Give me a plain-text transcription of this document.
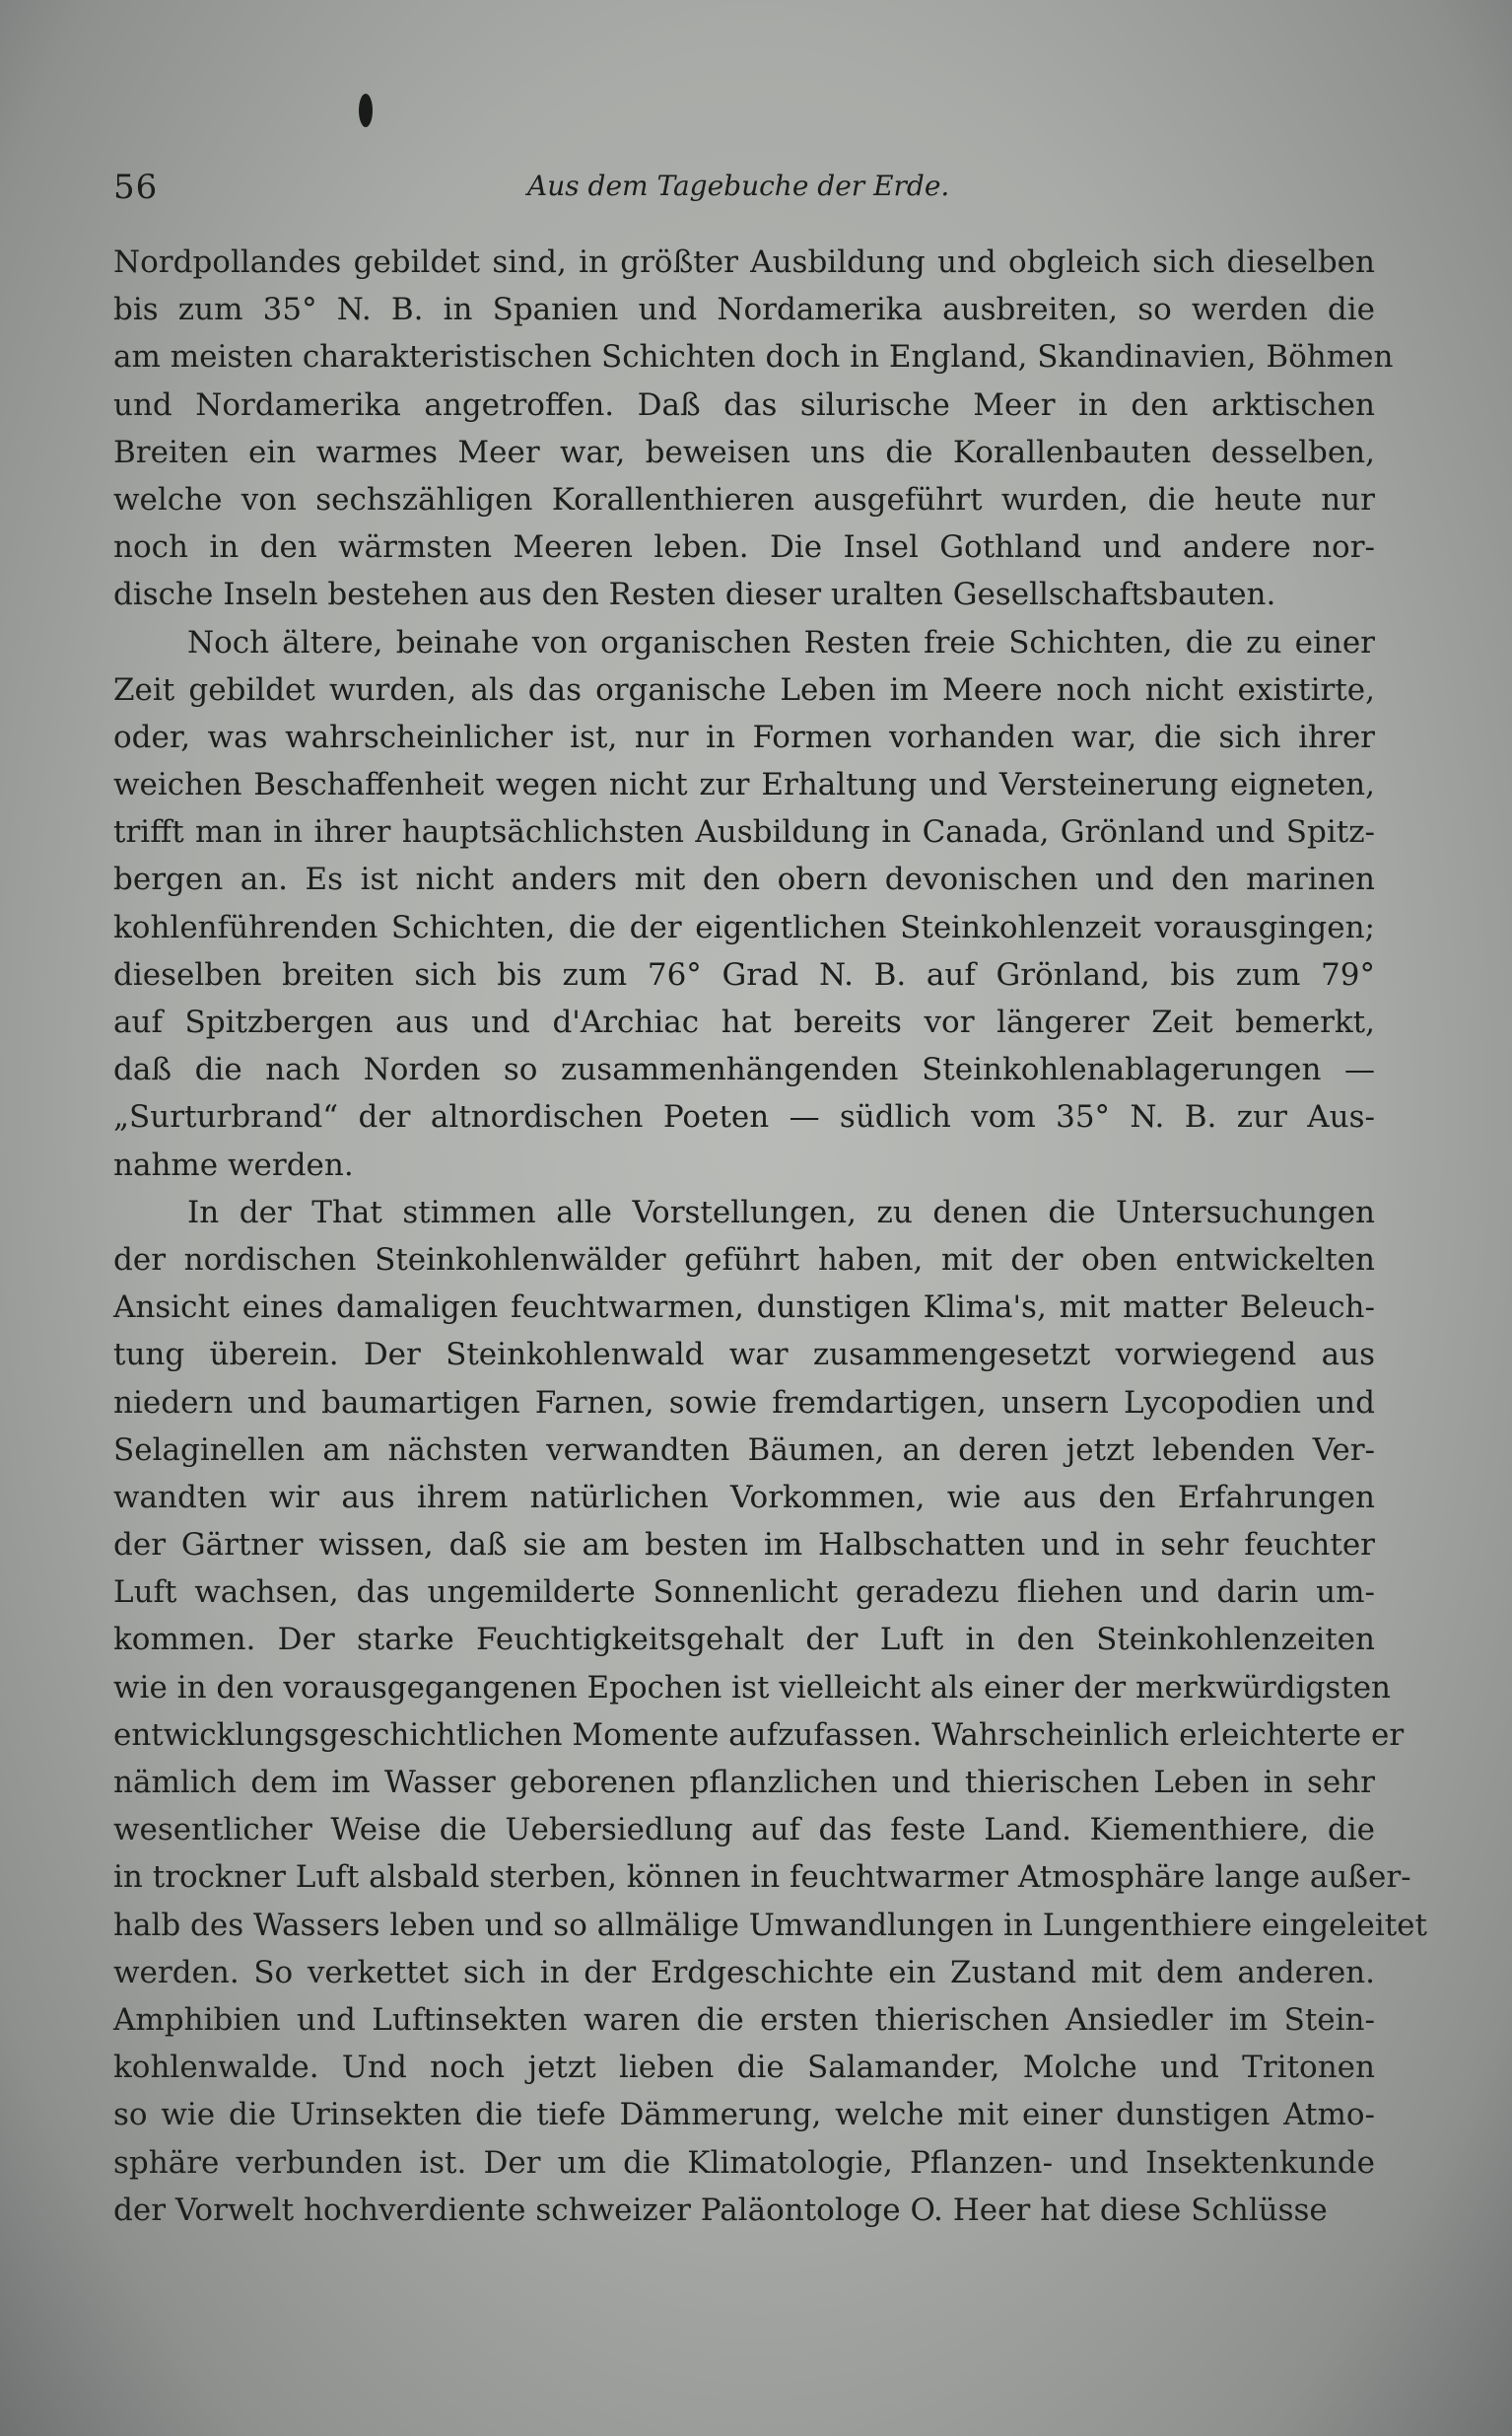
56	Aus dem Tagebuche der Erde.
Nordpollandes gebildet sind, in größter Ausbildung und obgleich sich dieselben
bis zum 35° N. B. in Spanien und Nordamerika ausbreiten, so werden die
am meisten charakteristischen Schichten doch in England, Skandinavien, Böhmen
und Nordamerika angetroffen. Daß das silurische Meer in den arktischen
Breiten ein warmes Meer war, beweisen uns die Korallenbauten desselben,
welche von sechszähligen Korallenthieren ausgeführt wurden, die heute nur
noch in den wärmsten Meeren leben. Die Insel Gothland und andere nor-
dische Inseln bestehen aus den Resten dieser uralten Gesellschaftsbauten.
Noch ältere, beinahe von organischen Resten freie Schichten, die zu einer
Zeit gebildet wurden, als das organische Leben im Meere noch nicht existirte,
oder, was wahrscheinlicher ist, nur in Formen vorhanden war, die sich ihrer
weichen Beschaffenheit wegen nicht zur Erhaltung und Versteinerung eigneten,
trifft man in ihrer hauptsächlichsten Ausbildung in Canada, Grönland und Spitz-
bergen an. Es ist nicht anders mit den obern devonischen und den marinen
kohlenführenden Schichten, die der eigentlichen Steinkohlenzeit vorausgingen;
dieselben breiten sich bis zum 76° Grad N. B. auf Grönland, bis zum 79°
auf Spitzbergen aus und d'Archiac hat bereits vor längerer Zeit bemerkt,
daß die nach Norden so zusammenhängenden Steinkohlenablagerungen —
„Surturbrand“ der altnordischen Poeten — südlich vom 35° N. B. zur Aus-
nahme werden.
In der That stimmen alle Vorstellungen, zu denen die Untersuchungen
der nordischen Steinkohlenwälder geführt haben, mit der oben entwickelten
Ansicht eines damaligen feuchtwarmen, dunstigen Klima's, mit matter Beleuch-
tung überein. Der Steinkohlenwald war zusammengesetzt vorwiegend aus
niedern und baumartigen Farnen, sowie fremdartigen, unsern Lycopodien und
Selaginellen am nächsten verwandten Bäumen, an deren jetzt lebenden Ver-
wandten wir aus ihrem natürlichen Vorkommen, wie aus den Erfahrungen
der Gärtner wissen, daß sie am besten im Halbschatten und in sehr feuchter
Luft wachsen, das ungemilderte Sonnenlicht geradezu fliehen und darin um-
kommen. Der starke Feuchtigkeitsgehalt der Luft in den Steinkohlenzeiten
wie in den vorausgegangenen Epochen ist vielleicht als einer der merkwürdigsten
entwicklungsgeschichtlichen Momente aufzufassen. Wahrscheinlich erleichterte er
nämlich dem im Wasser geborenen pflanzlichen und thierischen Leben in sehr
wesentlicher Weise die Uebersiedlung auf das feste Land. Kiementhiere, die
in trockner Luft alsbald sterben, können in feuchtwarmer Atmosphäre lange außer-
halb des Wassers leben und so allmälige Umwandlungen in Lungenthiere eingeleitet
werden. So verkettet sich in der Erdgeschichte ein Zustand mit dem anderen.
Amphibien und Luftinsekten waren die ersten thierischen Ansiedler im Stein-
kohlenwalde. Und noch jetzt lieben die Salamander, Molche und Tritonen
so wie die Urinsekten die tiefe Dämmerung, welche mit einer dunstigen Atmo-
sphäre verbunden ist. Der um die Klimatologie, Pflanzen- und Insektenkunde
der Vorwelt hochverdiente schweizer Paläontologe O. Heer hat diese Schlüsse
